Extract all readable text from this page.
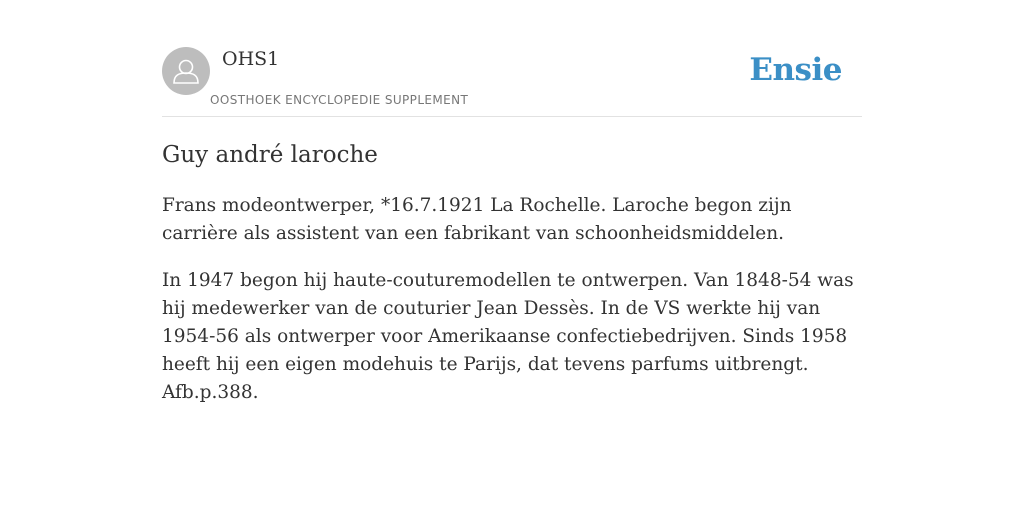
OHS1
OOSTHOEK ENCYCLOPEDIE SUPPLEMENT
Ensie
Guy andré laroche

Frans modeontwerper, *16.7.1921 La Rochelle. Laroche begon zijn carrière als assistent van een fabrikant van schoonheidsmiddelen.

In 1947 begon hij haute-couturemodellen te ontwerpen. Van 1848-54 was hij medewerker van de couturier Jean Dessès. In de VS werkte hij van 1954-56 als ontwerper voor Amerikaanse confectiebedrijven. Sinds 1958 heeft hij een eigen modehuis te Parijs, dat tevens parfums uitbrengt. Afb.p.388.
